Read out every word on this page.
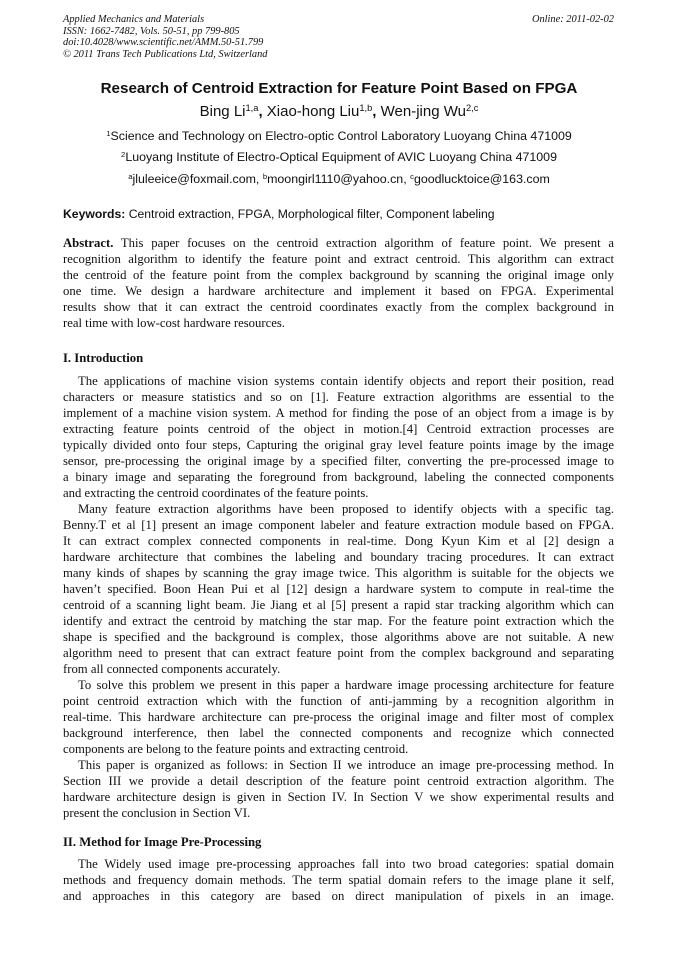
Applied Mechanics and Materials
ISSN: 1662-7482, Vols. 50-51, pp 799-805
doi:10.4028/www.scientific.net/AMM.50-51.799
© 2011 Trans Tech Publications Ltd, Switzerland
Online: 2011-02-02
Research of Centroid Extraction for Feature Point Based on FPGA
Bing Li$^{1,a}$, Xiao-hong Liu$^{1,b}$, Wen-jing Wu$^{2,c}$
$^1$Science and Technology on Electro-optic Control Laboratory Luoyang China 471009
$^2$Luoyang Institute of Electro-Optical Equipment of AVIC Luoyang China 471009
$^a$jluleeice@foxmail.com, $^b$moongirl1110@yahoo.cn, $^c$goodlucktoice@163.com
Keywords: Centroid extraction, FPGA, Morphological filter, Component labeling
Abstract. This paper focuses on the centroid extraction algorithm of feature point. We present a
recognition algorithm to identify the feature point and extract centroid. This algorithm can extract
the centroid of the feature point from the complex background by scanning the original image only
one time. We design a hardware architecture and implement it based on FPGA. Experimental
results show that it can extract the centroid coordinates exactly from the complex background in
real time with low-cost hardware resources.
I. Introduction
The applications of machine vision systems contain identify objects and report their position, read
characters or measure statistics and so on [1]. Feature extraction algorithms are essential to the
implement of a machine vision system. A method for finding the pose of an object from a image is by
extracting feature points centroid of the object in motion.[4] Centroid extraction processes are
typically divided onto four steps, Capturing the original gray level feature points image by the image
sensor, pre-processing the original image by a specified filter, converting the pre-processed image to
a binary image and separating the foreground from background, labeling the connected components
and extracting the centroid coordinates of the feature points.
Many feature extraction algorithms have been proposed to identify objects with a specific tag.
Benny.T et al [1] present an image component labeler and feature extraction module based on FPGA.
It can extract complex connected components in real-time. Dong Kyun Kim et al [2] design a
hardware architecture that combines the labeling and boundary tracing procedures. It can extract
many kinds of shapes by scanning the gray image twice. This algorithm is suitable for the objects we
haven’t specified. Boon Hean Pui et al [12] design a hardware system to compute in real-time the
centroid of a scanning light beam. Jie Jiang et al [5] present a rapid star tracking algorithm which can
identify and extract the centroid by matching the star map. For the feature point extraction which the
shape is specified and the background is complex, those algorithms above are not suitable. A new
algorithm need to present that can extract feature point from the complex background and separating
from all connected components accurately.
To solve this problem we present in this paper a hardware image processing architecture for feature
point centroid extraction which with the function of anti-jamming by a recognition algorithm in
real-time. This hardware architecture can pre-process the original image and filter most of complex
background interference, then label the connected components and recognize which connected
components are belong to the feature points and extracting centroid.
This paper is organized as follows: in Section II we introduce an image pre-processing method. In
Section III we provide a detail description of the feature point centroid extraction algorithm. The
hardware architecture design is given in Section IV. In Section V we show experimental results and
present the conclusion in Section VI.
II. Method for Image Pre-Processing
The Widely used image pre-processing approaches fall into two broad categories: spatial domain
methods and frequency domain methods. The term spatial domain refers to the image plane it self,
and approaches in this category are based on direct manipulation of pixels in an image.
